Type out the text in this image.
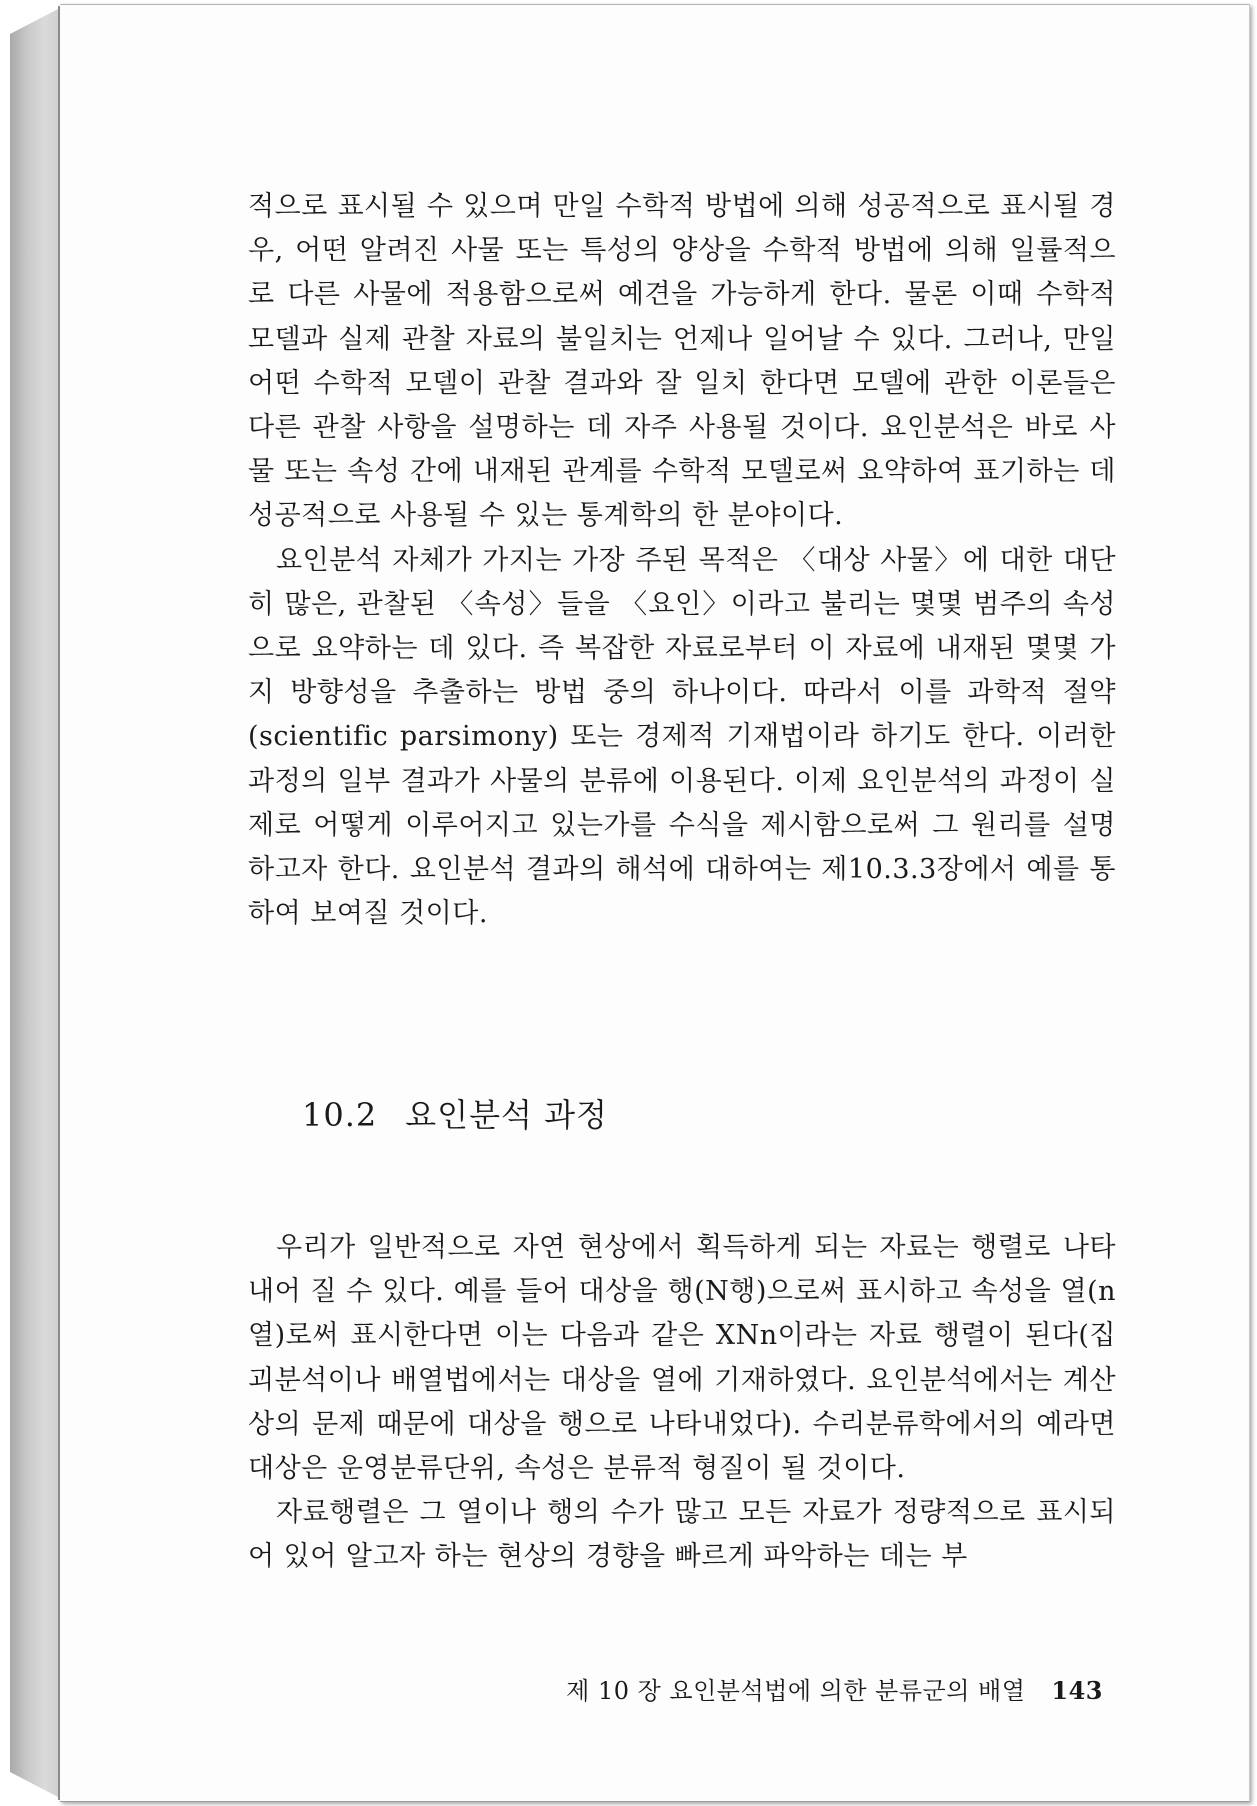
적으로 표시될 수 있으며 만일 수학적 방법에 의해 성공적으로 표시될 경우, 어떤 알려진 사물 또는 특성의 양상을 수학적 방법에 의해 일률적으로 다른 사물에 적용함으로써 예견을 가능하게 한다. 물론 이때 수학적 모델과 실제 관찰 자료의 불일치는 언제나 일어날 수 있다. 그러나, 만일 어떤 수학적 모델이 관찰 결과와 잘 일치 한다면 모델에 관한 이론들은 다른 관찰 사항을 설명하는 데 자주 사용될 것이다. 요인분석은 바로 사물 또는 속성 간에 내재된 관계를 수학적 모델로써 요약하여 표기하는 데 성공적으로 사용될 수 있는 통계학의 한 분야이다.

요인분석 자체가 가지는 가장 주된 목적은 〈대상 사물〉에 대한 대단히 많은, 관찰된 〈속성〉들을 〈요인〉이라고 불리는 몇몇 범주의 속성으로 요약하는 데 있다. 즉 복잡한 자료로부터 이 자료에 내재된 몇몇 가지 방향성을 추출하는 방법 중의 하나이다. 따라서 이를 과학적 절약(scientific parsimony) 또는 경제적 기재법이라 하기도 한다. 이러한 과정의 일부 결과가 사물의 분류에 이용된다. 이제 요인분석의 과정이 실제로 어떻게 이루어지고 있는가를 수식을 제시함으로써 그 원리를 설명하고자 한다. 요인분석 결과의 해석에 대하여는 제10.3.3장에서 예를 통하여 보여질 것이다.

10.2 요인분석 과정

우리가 일반적으로 자연 현상에서 획득하게 되는 자료는 행렬로 나타내어 질 수 있다. 예를 들어 대상을 행(N행)으로써 표시하고 속성을 열(n열)로써 표시한다면 이는 다음과 같은 XNn이라는 자료 행렬이 된다(집괴분석이나 배열법에서는 대상을 열에 기재하였다. 요인분석에서는 계산상의 문제 때문에 대상을 행으로 나타내었다). 수리분류학에서의 예라면 대상은 운영분류단위, 속성은 분류적 형질이 될 것이다.

자료행렬은 그 열이나 행의 수가 많고 모든 자료가 정량적으로 표시되어 있어 알고자 하는 현상의 경향을 빠르게 파악하는 데는 부

제 10 장 요인분석법에 의한 분류군의 배열 143
